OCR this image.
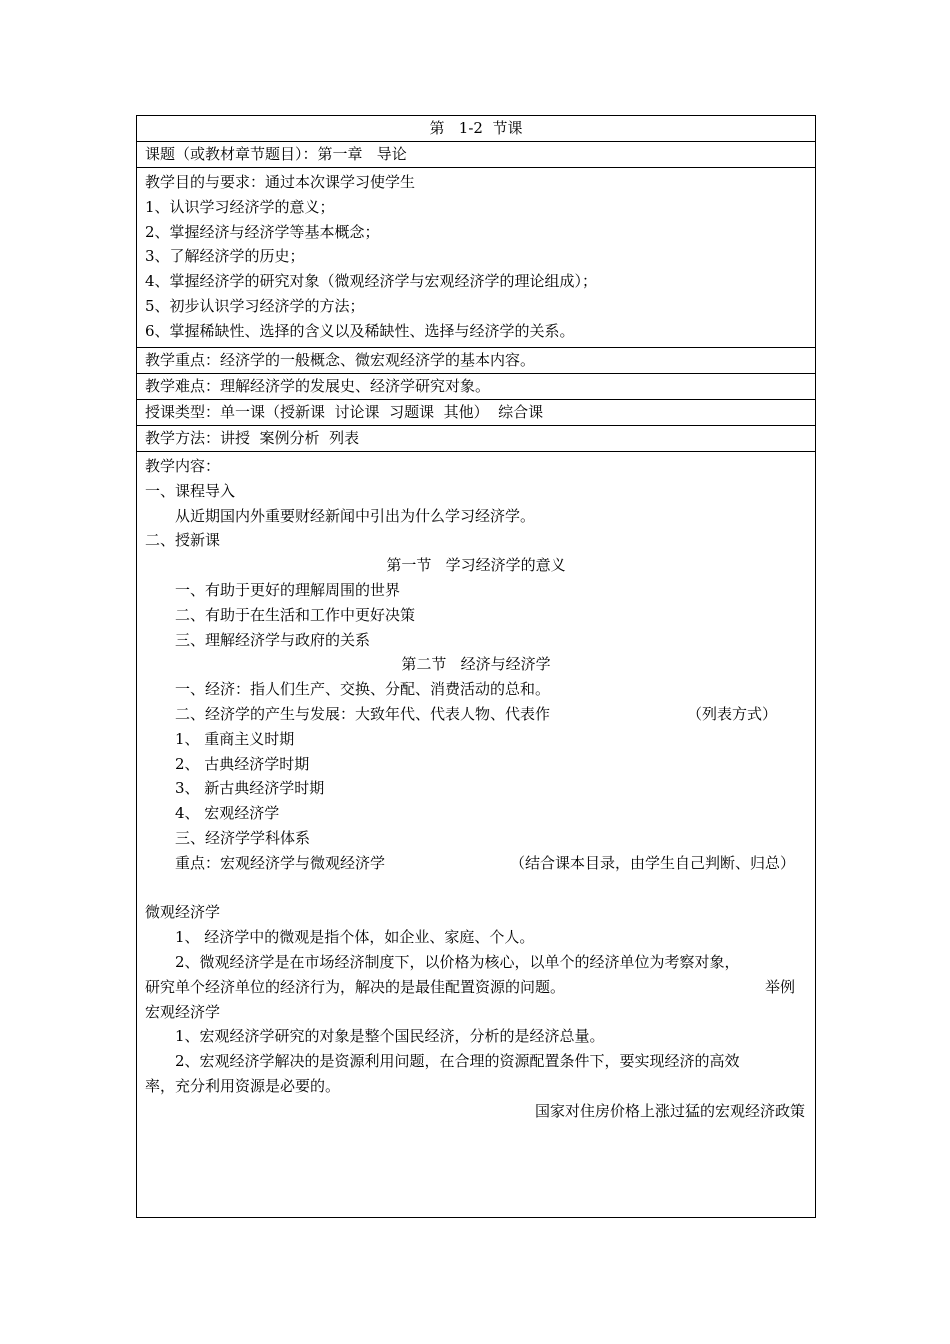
第   1-2  节课
课题（或教材章节题目）：第一章   导论
教学目的与要求：通过本次课学习使学生
1、认识学习经济学的意义；
2、掌握经济与经济学等基本概念；
3、了解经济学的历史；
4、掌握经济学的研究对象（微观经济学与宏观经济学的理论组成）；
5、初步认识学习经济学的方法；
6、掌握稀缺性、选择的含义以及稀缺性、选择与经济学的关系。
教学重点：经济学的一般概念、微宏观经济学的基本内容。
教学难点：理解经济学的发展史、经济学研究对象。
授课类型：单一课（授新课  讨论课  习题课  其他）  综合课
教学方法：讲授  案例分析  列表
教学内容：
一、课程导入
从近期国内外重要财经新闻中引出为什么学习经济学。
二、授新课
第一节   学习经济学的意义
一、有助于更好的理解周围的世界
二、有助于在生活和工作中更好决策
三、理解经济学与政府的关系
第二节   经济与经济学
一、经济：指人们生产、交换、分配、消费活动的总和。
二、经济学的产生与发展：大致年代、代表人物、代表作	（列表方式）
1、 重商主义时期
2、 古典经济学时期
3、 新古典经济学时期
4、 宏观经济学
三、经济学学科体系
重点：宏观经济学与微观经济学	（结合课本目录，由学生自己判断、归总）
微观经济学
1、 经济学中的微观是指个体，如企业、家庭、个人。
2、微观经济学是在市场经济制度下，以价格为核心，以单个的经济单位为考察对象，
研究单个经济单位的经济行为，解决的是最佳配置资源的问题。	举例
宏观经济学
1、宏观经济学研究的对象是整个国民经济，分析的是经济总量。
2、宏观经济学解决的是资源利用问题，在合理的资源配置条件下，要实现经济的高效
率，充分利用资源是必要的。
国家对住房价格上涨过猛的宏观经济政策
